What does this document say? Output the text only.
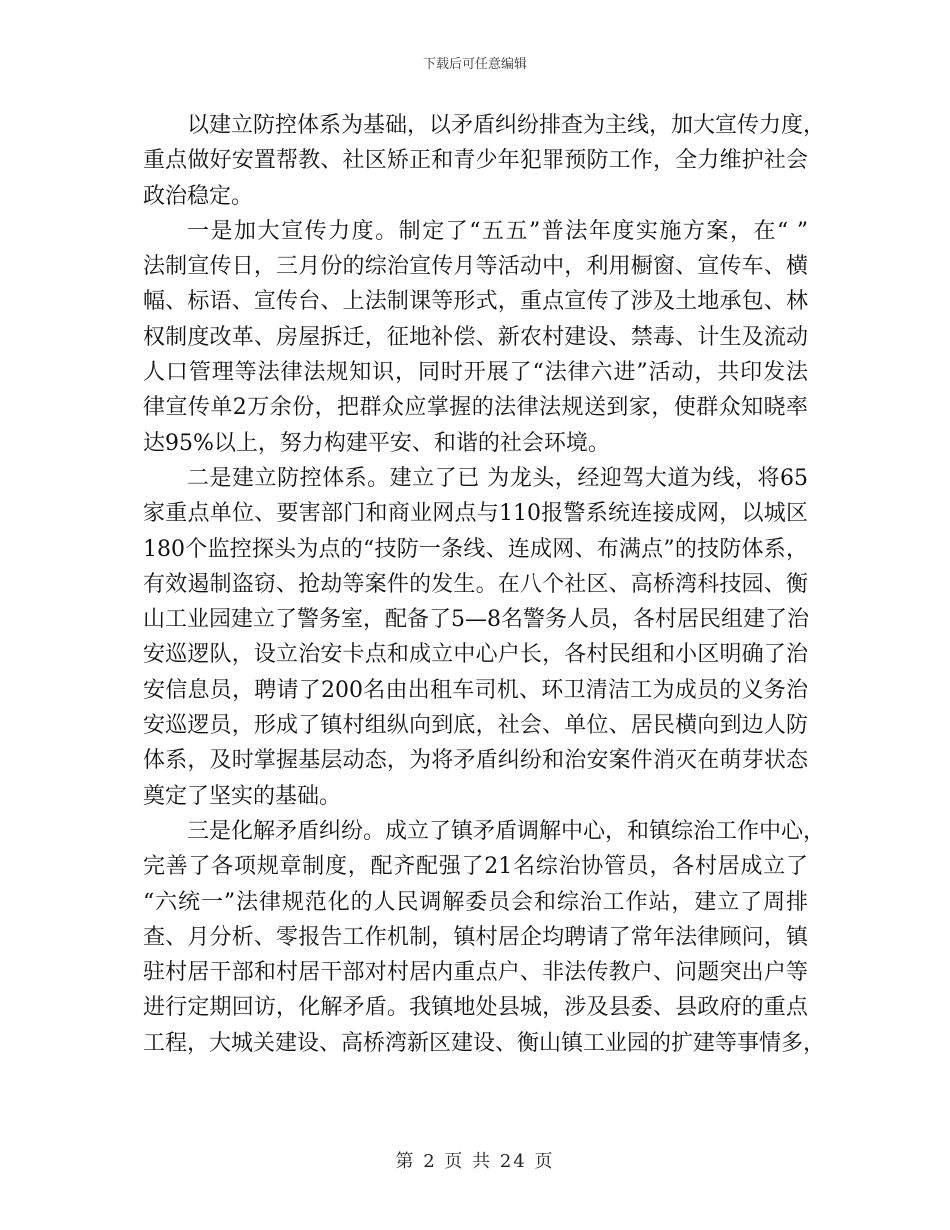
下载后可任意编辑
以建立防控体系为基础，以矛盾纠纷排查为主线，加大宣传力度，
重点做好安置帮教、社区矫正和青少年犯罪预防工作，全力维护社会
政治稳定。
一是加大宣传力度。制定了“五五”普法年度实施方案，在“ ”
法制宣传日，三月份的综治宣传月等活动中，利用橱窗、宣传车、横
幅、标语、宣传台、上法制课等形式，重点宣传了涉及土地承包、林
权制度改革、房屋拆迁，征地补偿、新农村建设、禁毒、计生及流动
人口管理等法律法规知识，同时开展了“法律六进”活动，共印发法
律宣传单2万余份，把群众应掌握的法律法规送到家，使群众知晓率
达95%以上，努力构建平安、和谐的社会环境。
二是建立防控体系。建立了已 为龙头，经迎驾大道为线，将65
家重点单位、要害部门和商业网点与110报警系统连接成网，以城区
180个监控探头为点的“技防一条线、连成网、布满点”的技防体系，
有效遏制盗窃、抢劫等案件的发生。在八个社区、高桥湾科技园、衡
山工业园建立了警务室，配备了5—8名警务人员，各村居民组建了治
安巡逻队，设立治安卡点和成立中心户长，各村民组和小区明确了治
安信息员，聘请了200名由出租车司机、环卫清洁工为成员的义务治
安巡逻员，形成了镇村组纵向到底，社会、单位、居民横向到边人防
体系，及时掌握基层动态，为将矛盾纠纷和治安案件消灭在萌芽状态
奠定了坚实的基础。
三是化解矛盾纠纷。成立了镇矛盾调解中心，和镇综治工作中心，
完善了各项规章制度，配齐配强了21名综治协管员，各村居成立了
“六统一”法律规范化的人民调解委员会和综治工作站，建立了周排
查、月分析、零报告工作机制，镇村居企均聘请了常年法律顾问，镇
驻村居干部和村居干部对村居内重点户、非法传教户、问题突出户等
进行定期回访，化解矛盾。我镇地处县城，涉及县委、县政府的重点
工程，大城关建设、高桥湾新区建设、衡山镇工业园的扩建等事情多，
第 2 页 共 24 页
